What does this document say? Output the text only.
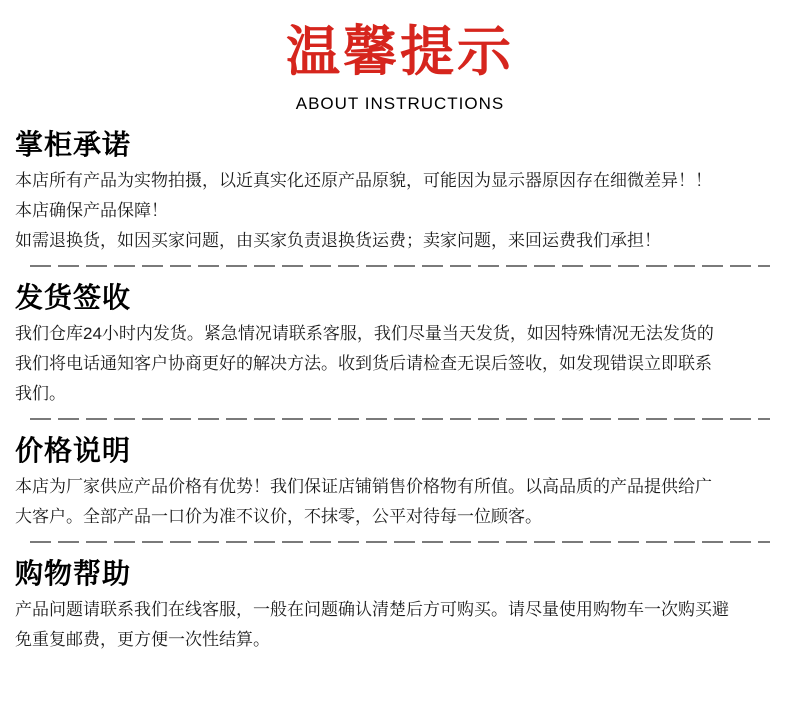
温馨提示
ABOUT INSTRUCTIONS
掌柜承诺

本店所有产品为实物拍摄，以近真实化还原产品原貌，可能因为显示器原因存在细微差异！！

本店确保产品保障！

如需退换货，如因买家问题，由买家负责退换货运费；卖家问题，来回运费我们承担！

发货签收

我们仓库24小时内发货。紧急情况请联系客服，我们尽量当天发货，如因特殊情况无法发货的

我们将电话通知客户协商更好的解决方法。收到货后请检查无误后签收，如发现错误立即联系

我们。

价格说明

本店为厂家供应产品价格有优势！我们保证店铺销售价格物有所值。以高品质的产品提供给广

大客户。全部产品一口价为准不议价，不抹零，公平对待每一位顾客。

购物帮助

产品问题请联系我们在线客服，一般在问题确认清楚后方可购买。请尽量使用购物车一次购买避

免重复邮费，更方便一次性结算。
